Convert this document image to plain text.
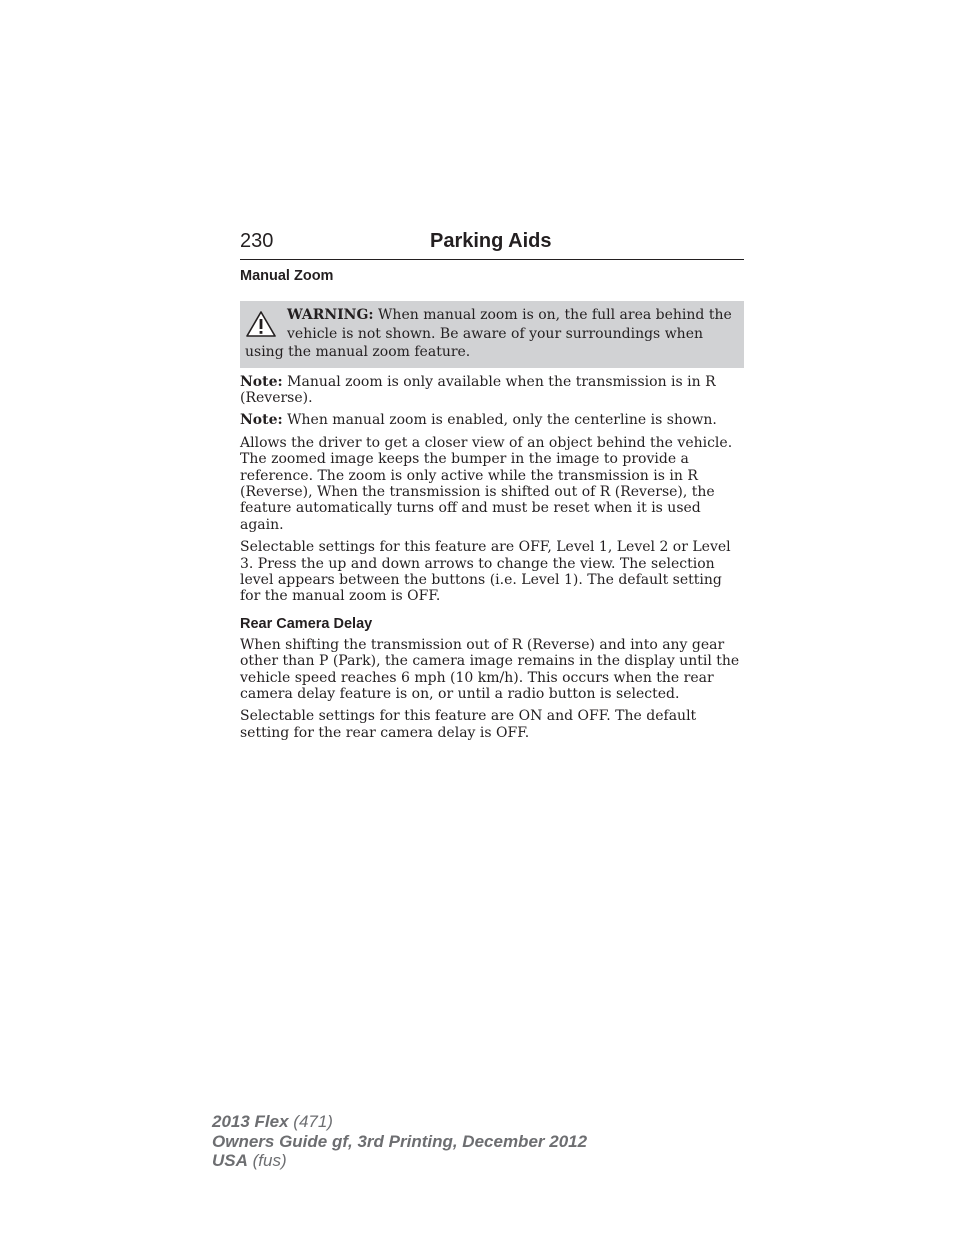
230	Parking Aids
Manual Zoom
WARNING: When manual zoom is on, the full area behind the vehicle is not shown. Be aware of your surroundings when using the manual zoom feature.

Note: Manual zoom is only available when the transmission is in R (Reverse).

Note: When manual zoom is enabled, only the centerline is shown.

Allows the driver to get a closer view of an object behind the vehicle. The zoomed image keeps the bumper in the image to provide a reference. The zoom is only active while the transmission is in R (Reverse), When the transmission is shifted out of R (Reverse), the feature automatically turns off and must be reset when it is used again.

Selectable settings for this feature are OFF, Level 1, Level 2 or Level 3. Press the up and down arrows to change the view. The selection level appears between the buttons (i.e. Level 1). The default setting for the manual zoom is OFF.

Rear Camera Delay

When shifting the transmission out of R (Reverse) and into any gear other than P (Park), the camera image remains in the display until the vehicle speed reaches 6 mph (10 km/h). This occurs when the rear camera delay feature is on, or until a radio button is selected.

Selectable settings for this feature are ON and OFF. The default setting for the rear camera delay is OFF.

2013 Flex (471)
Owners Guide gf, 3rd Printing, December 2012
USA (fus)
